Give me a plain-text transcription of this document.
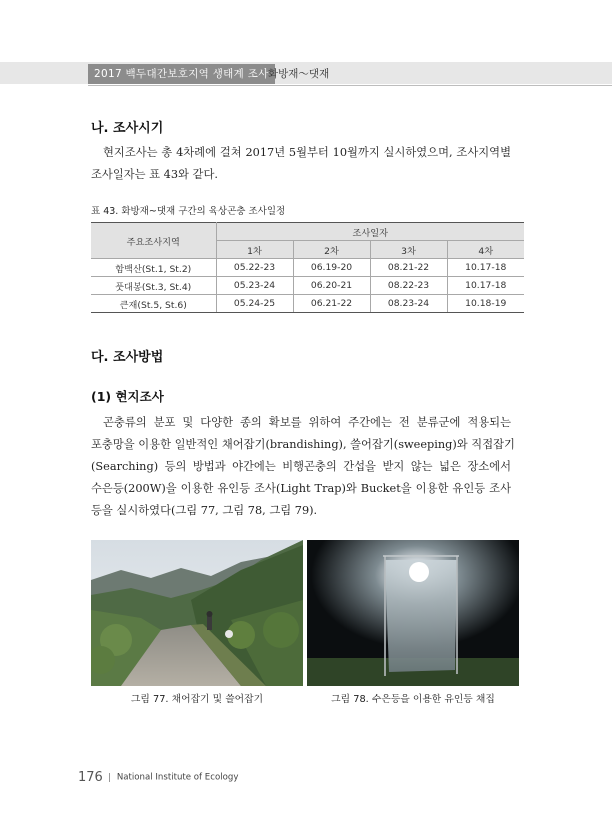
2017 백두대간보호지역 생태계 조사 화방재～댓재
나. 조사시기
현지조사는 총 4차례에 걸쳐 2017년 5월부터 10월까지 실시하였으며, 조사지역별
조사일자는 표 43와 같다.
표 43. 화방재~댓재 구간의 육상곤충 조사일정
주요조사지역	조사일자			
	1차	2차	3차	4차
함백산(St.1, St.2)	05.22-23	06.19-20	08.21-22	10.17-18
풋대봉(St.3, St.4)	05.23-24	06.20-21	08.22-23	10.17-18
큰재(St.5, St.6)	05.24-25	06.21-22	08.23-24	10.18-19
다. 조사방법
(1) 현지조사
곤충류의 분포 및 다양한 종의 확보를 위하여 주간에는 전 분류군에 적용되는
포충망을 이용한 일반적인 채어잡기(brandishing), 쓸어잡기(sweeping)와 직접잡기
(Searching) 등의 방법과 야간에는 비행곤충의 간섭을 받지 않는 넓은 장소에서
수은등(200W)을 이용한 유인등 조사(Light Trap)와 Bucket을 이용한 유인등 조사
등을 실시하였다(그림 77, 그림 78, 그림 79).
그림 77. 채어잡기 및 쓸어잡기	그림 78. 수은등을 이용한 유인등 채집
176 National Institute of Ecology
